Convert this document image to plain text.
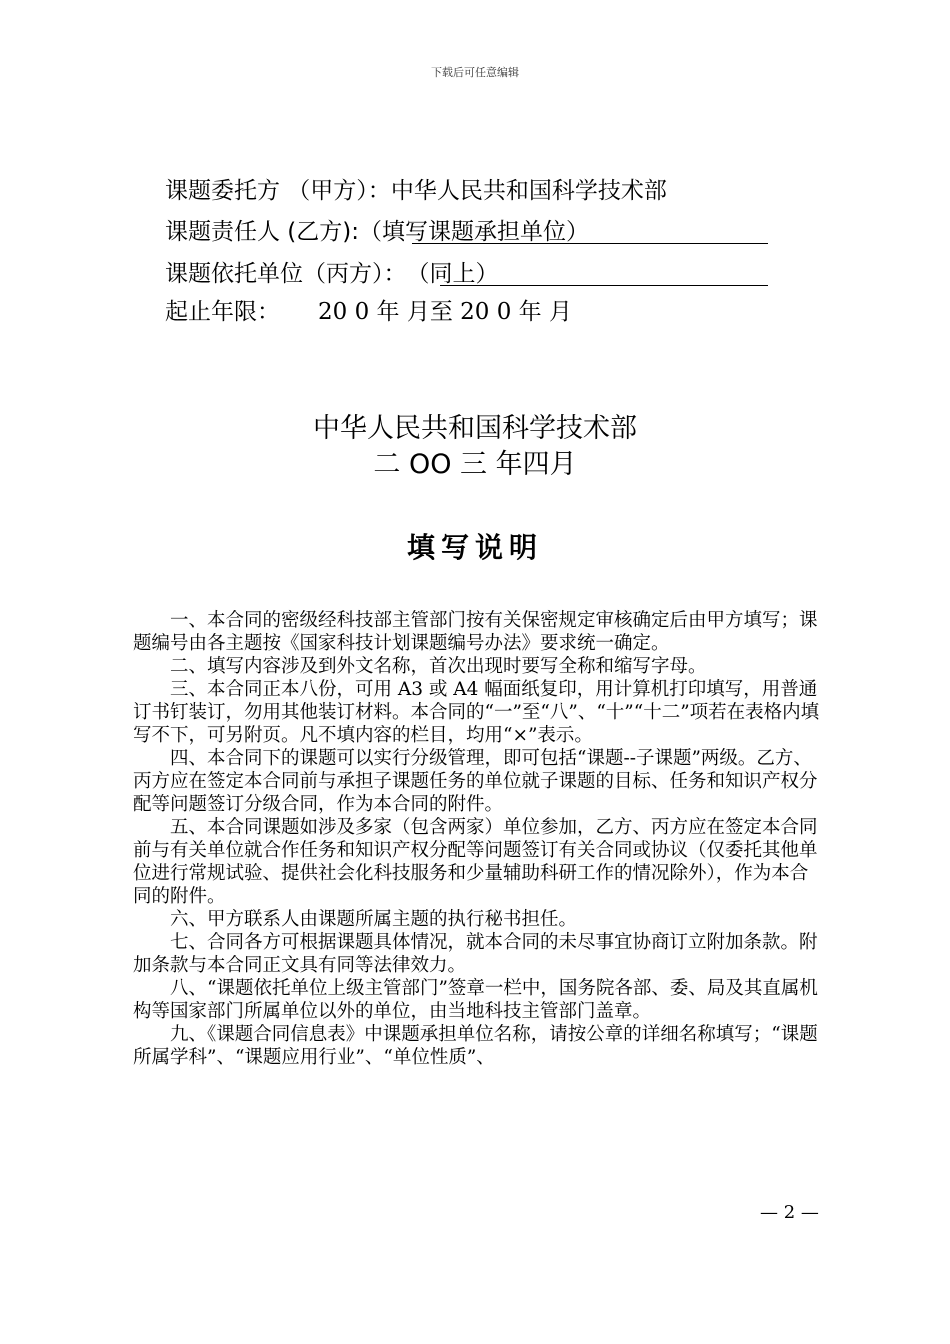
下载后可任意编辑
课题委托方 （甲方）：中华人民共和国科学技术部
课题责任人 (乙方):（填写课题承担单位）
课题依托单位（丙方）：（同上）
起止年限： 20 0 年 月至 20 0 年 月
中华人民共和国科学技术部
二 OO 三 年四月
填写说明

一、本合同的密级经科技部主管部门按有关保密规定审核确定后由甲方填写；课题编号由各主题按《国家科技计划课题编号办法》要求统一确定。

二、填写内容涉及到外文名称，首次出现时要写全称和缩写字母。

三、本合同正本八份，可用 A3 或 A4 幅面纸复印，用计算机打印填写，用普通订书钉装订，勿用其他装订材料。本合同的“一”至“八”、“十”“十二”项若在表格内填写不下，可另附页。凡不填内容的栏目，均用“×”表示。

四、本合同下的课题可以实行分级管理，即可包括“课题--子课题”两级。乙方、丙方应在签定本合同前与承担子课题任务的单位就子课题的目标、任务和知识产权分配等问题签订分级合同，作为本合同的附件。

五、本合同课题如涉及多家（包含两家）单位参加，乙方、丙方应在签定本合同前与有关单位就合作任务和知识产权分配等问题签订有关合同或协议（仅委托其他单位进行常规试验、提供社会化科技服务和少量辅助科研工作的情况除外），作为本合同的附件。

六、甲方联系人由课题所属主题的执行秘书担任。

七、合同各方可根据课题具体情况，就本合同的未尽事宜协商订立附加条款。附加条款与本合同正文具有同等法律效力。

八、“课题依托单位上级主管部门”签章一栏中，国务院各部、委、局及其直属机构等国家部门所属单位以外的单位，由当地科技主管部门盖章。

九、《课题合同信息表》中课题承担单位名称，请按公章的详细名称填写；“课题所属学科”、“课题应用行业”、“单位性质”、

— 2 —
